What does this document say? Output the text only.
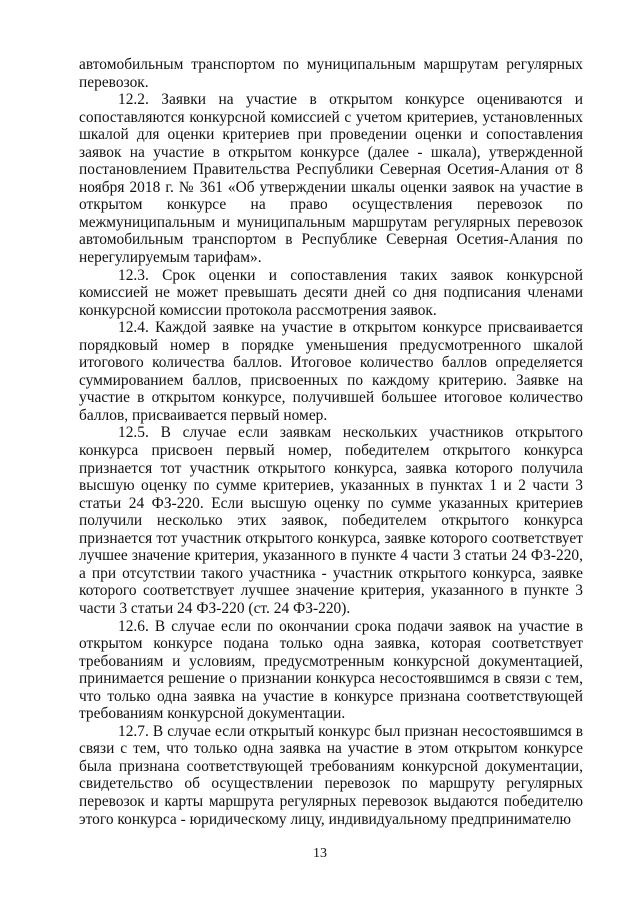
автомобильным транспортом по муниципальным маршрутам регулярных перевозок.

12.2. Заявки на участие в открытом конкурсе оцениваются и сопоставляются конкурсной комиссией с учетом критериев, установленных шкалой для оценки критериев при проведении оценки и сопоставления заявок на участие в открытом конкурсе (далее - шкала), утвержденной постановлением Правительства Республики Северная Осетия-Алания от 8 ноября 2018 г. № 361 «Об утверждении шкалы оценки заявок на участие в открытом конкурсе на право осуществления перевозок по межмуниципальным и муниципальным маршрутам регулярных перевозок автомобильным транспортом в Республике Северная Осетия-Алания по нерегулируемым тарифам».

12.3. Срок оценки и сопоставления таких заявок конкурсной комиссией не может превышать десяти дней со дня подписания членами конкурсной комиссии протокола рассмотрения заявок.

12.4. Каждой заявке на участие в открытом конкурсе присваивается порядковый номер в порядке уменьшения предусмотренного шкалой итогового количества баллов. Итоговое количество баллов определяется суммированием баллов, присвоенных по каждому критерию. Заявке на участие в открытом конкурсе, получившей большее итоговое количество баллов, присваивается первый номер.

12.5. В случае если заявкам нескольких участников открытого конкурса присвоен первый номер, победителем открытого конкурса признается тот участник открытого конкурса, заявка которого получила высшую оценку по сумме критериев, указанных в пунктах 1 и 2 части 3 статьи 24 ФЗ-220. Если высшую оценку по сумме указанных критериев получили несколько этих заявок, победителем открытого конкурса признается тот участник открытого конкурса, заявке которого соответствует лучшее значение критерия, указанного в пункте 4 части 3 статьи 24 ФЗ-220, а при отсутствии такого участника - участник открытого конкурса, заявке которого соответствует лучшее значение критерия, указанного в пункте 3 части 3 статьи 24 ФЗ-220 (ст. 24 ФЗ-220).

12.6. В случае если по окончании срока подачи заявок на участие в открытом конкурсе подана только одна заявка, которая соответствует требованиям и условиям, предусмотренным конкурсной документацией, принимается решение о признании конкурса несостоявшимся в связи с тем, что только одна заявка на участие в конкурсе признана соответствующей требованиям конкурсной документации.

12.7. В случае если открытый конкурс был признан несостоявшимся в связи с тем, что только одна заявка на участие в этом открытом конкурсе была признана соответствующей требованиям конкурсной документации, свидетельство об осуществлении перевозок по маршруту регулярных перевозок и карты маршрута регулярных перевозок выдаются победителю этого конкурса - юридическому лицу, индивидуальному предпринимателю

13
